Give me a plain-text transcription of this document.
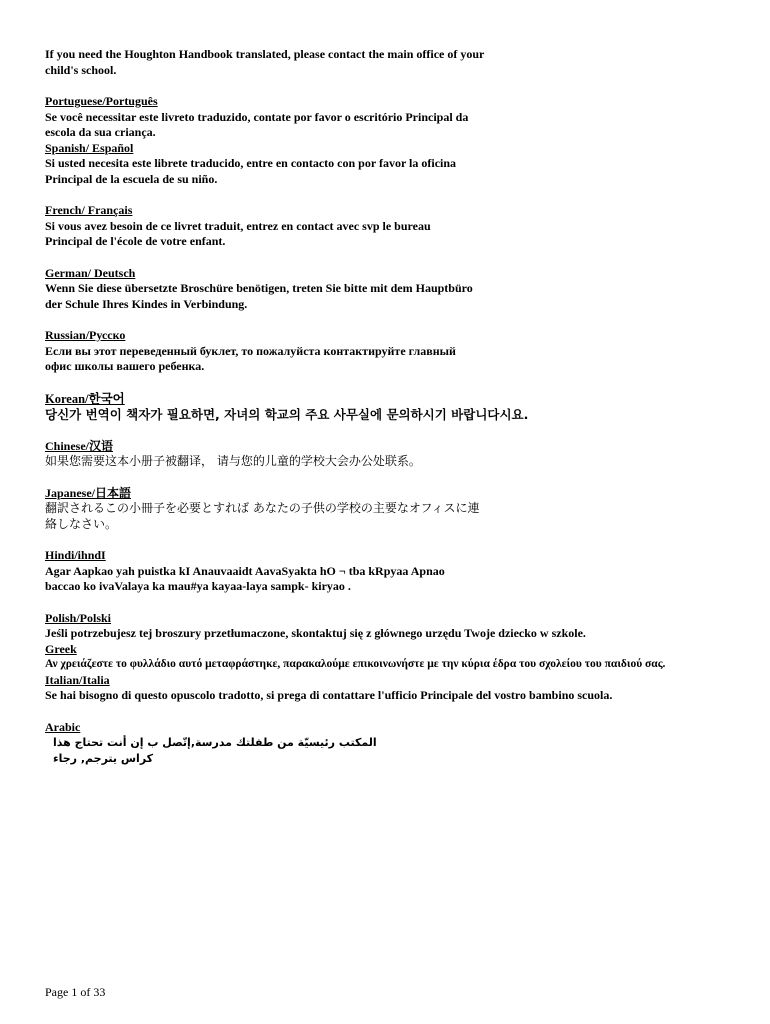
If you need the Houghton Handbook translated, please contact the main office of your child's school.
Portuguese/Português
Se você necessitar este livreto traduzido, contate por favor o escritório Principal da escola da sua criança.
Spanish/ Español
Si usted necesita este librete traducido, entre en contacto con por favor la oficina Principal de la escuela de su niño.
French/ Français
Si vous avez besoin de ce livret traduit, entrez en contact avec svp le bureau Principal de l'école de votre enfant.
German/ Deutsch
Wenn Sie diese übersetzte Broschüre benötigen, treten Sie bitte mit dem Hauptbüro der Schule Ihres Kindes in Verbindung.
Russian/Русско
Если вы этот переведенный буклет, то пожалуйста контактируйте главный офис школы вашего ребенка.
Korean/한국어
당신가 번역이 책자가 필요하면, 자녀의 학교의 주요 사무실에 문의하시기 바랍니다시요.
Chinese/汉语
如果您需要这本小册子被翻译， 请与您的儿童的学校大会办公处联系。
Japanese/日本語
翻訳されるこの小冊子を必要とすれば あなたの子供の学校の主要なオフィスに連絡しなさい。
Hindi/ihndI
Agar Aapkao yah puistka kI Anauvaaidt AavaSyakta hO ¬ tba kRpyaa Apnao baccao ko ivaValaya ka mau#ya kayaa-laya sampk- kiryao .
Polish/Polski
Jeśli potrzebujesz tej broszury przetłumaczone, skontaktuj się z głównego urzędu Twoje dziecko w szkole.
Greek
Αν χρειάζεστε το φυλλάδιο αυτό μεταφράστηκε, παρακαλούμε επικοινωνήστε με την κύρια έδρα του σχολείου του παιδιού σας.
Italian/Italia
Se hai bisogno di questo opuscolo tradotto, si prega di contattare l'ufficio Principale del vostro bambino scuola.
Arabic
المكتب رئيسيّة من طفلتك مدرسة,إتّصل ب إن أنت تحتاج هذا كراس يترجم, رجاء
Page 1 of 33
